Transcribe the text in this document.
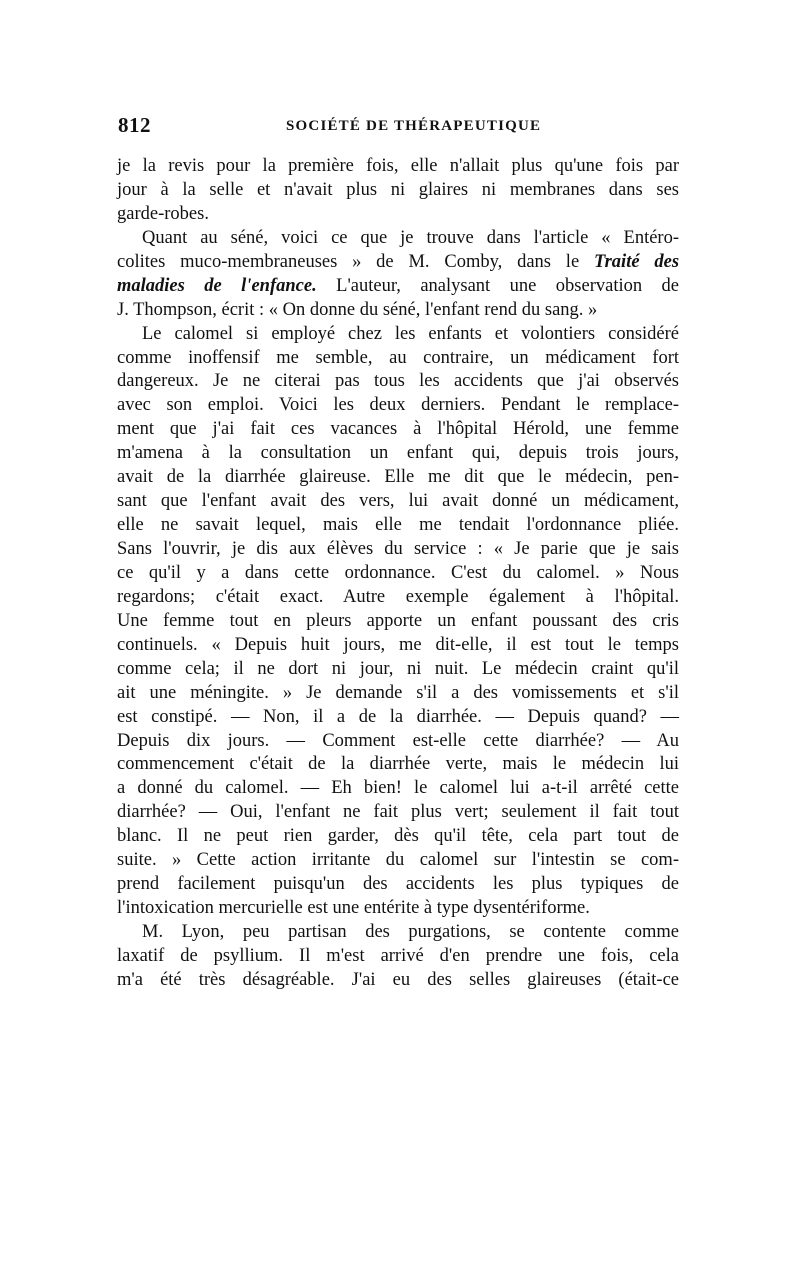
812	SOCIÉTÉ DE THÉRAPEUTIQUE
je la revis pour la première fois, elle n'allait plus qu'une fois par
jour à la selle et n'avait plus ni glaires ni membranes dans ses
garde-robes.
Quant au séné, voici ce que je trouve dans l'article « Entéro-
colites muco-membraneuses » de M. Comby, dans le Traité des
maladies de l'enfance. L'auteur, analysant une observation de
J. Thompson, écrit : « On donne du séné, l'enfant rend du sang. »
Le calomel si employé chez les enfants et volontiers considéré
comme inoffensif me semble, au contraire, un médicament fort
dangereux. Je ne citerai pas tous les accidents que j'ai observés
avec son emploi. Voici les deux derniers. Pendant le remplace-
ment que j'ai fait ces vacances à l'hôpital Hérold, une femme
m'amena à la consultation un enfant qui, depuis trois jours,
avait de la diarrhée glaireuse. Elle me dit que le médecin, pen-
sant que l'enfant avait des vers, lui avait donné un médicament,
elle ne savait lequel, mais elle me tendait l'ordonnance pliée.
Sans l'ouvrir, je dis aux élèves du service : « Je parie que je sais
ce qu'il y a dans cette ordonnance. C'est du calomel. » Nous
regardons; c'était exact. Autre exemple également à l'hôpital.
Une femme tout en pleurs apporte un enfant poussant des cris
continuels. « Depuis huit jours, me dit-elle, il est tout le temps
comme cela; il ne dort ni jour, ni nuit. Le médecin craint qu'il
ait une méningite. » Je demande s'il a des vomissements et s'il
est constipé. — Non, il a de la diarrhée. — Depuis quand? —
Depuis dix jours. — Comment est-elle cette diarrhée? — Au
commencement c'était de la diarrhée verte, mais le médecin lui
a donné du calomel. — Eh bien! le calomel lui a-t-il arrêté cette
diarrhée? — Oui, l'enfant ne fait plus vert; seulement il fait tout
blanc. Il ne peut rien garder, dès qu'il tête, cela part tout de
suite. » Cette action irritante du calomel sur l'intestin se com-
prend facilement puisqu'un des accidents les plus typiques de
l'intoxication mercurielle est une entérite à type dysentériforme.
M. Lyon, peu partisan des purgations, se contente comme
laxatif de psyllium. Il m'est arrivé d'en prendre une fois, cela
m'a été très désagréable. J'ai eu des selles glaireuses (était-ce
